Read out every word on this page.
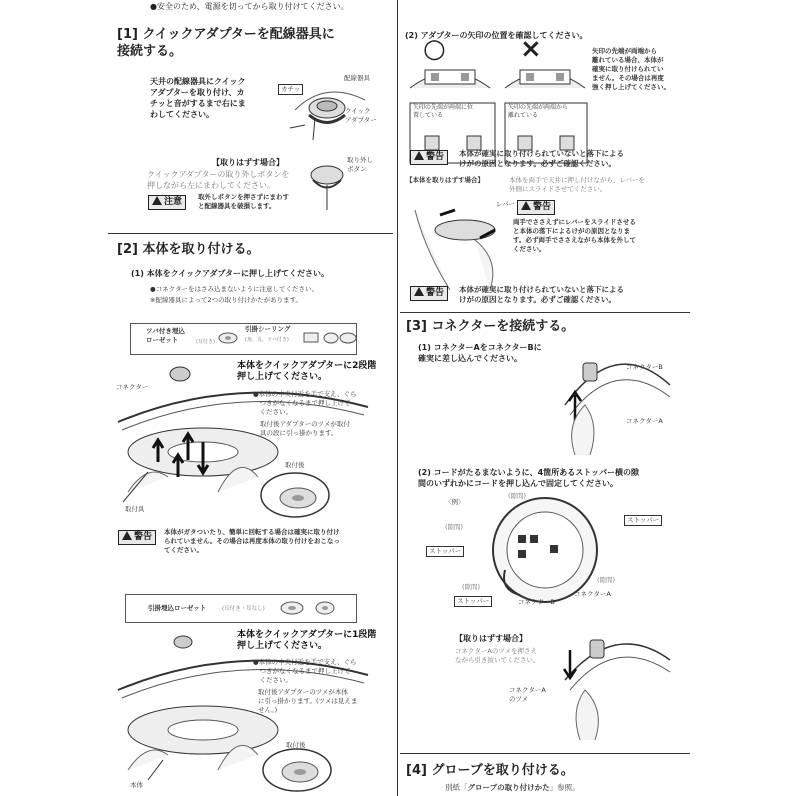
●安全のため、電源を切ってから取り付けてください。
[1] クイックアダプターを配線器具に
接続する。
天井の配線器具にクイック
アダプターを取り付け、カ
チッと音がするまで右にま
わしてください。
カチッ
配線器具
クイック
アダプター
【取りはずす場合】
クイックアダプターの取り外しボタンを
押しながら左にまわしてください。
取り外し
ボタン
注意	取外しボタンを押さずにまわす
と配線器具を破損します。
[2] 本体を取り付ける。
(1) 本体をクイックアダプターに押し上げてください。
●コネクターをはさみ込まないように注意してください。
※配線器具によって2つの取り付けかたがあります。
ツバ付き埋込
ローゼット	(耳付き)
引掛シーリング
(角、丸、ツバ付き)
コネクター
本体をクイックアダプターに2段階
押し上げてください。
●本体の中央付近を手で支え、ぐら
　つきがなくなるまで押し上げて
　ください。
取付後アダプターのツメが取付
具の段に引っ掛かります。
取付後
取付具
警告	本体がガタついたり、簡単に回転する場合は確実に取り付け
られていません。その場合は再度本体の取り付けをおこなっ
てください。
引掛埋込ローゼット	(耳付き・耳なし)
本体をクイックアダプターに1段階
押し上げてください。
●本体の中央付近を手で支え、ぐら
　つきがなくなるまで押し上げて
　ください。
取付後アダプターのツメが本体
に引っ掛かります。(ツメは見えま
せん。)
取付後
本体
(2) アダプターの矢印の位置を確認してください。
○	×
矢印の先端が両端に位
置している
矢印の先端が両端から
離れている
矢印の先端が両端から
離れている場合、本体が
確実に取り付けられてい
ません。その場合は再度
強く押し上げてください。
警告	本体が確実に取り付けられていないと落下による
けがの原因となります。必ずご確認ください。
【本体を取りはずす場合】	本体を両手で天井に押し付けながら、レバーを
外側にスライドさせてください。
レバー	警告
両手でささえずにレバーをスライドさせる
と本体の落下によるけがの原因となりま
す。必ず両手でささえながら本体を外して
ください。
警告	本体が確実に取り付けられていないと落下による
けがの原因となります。必ずご確認ください。
[3] コネクターを接続する。
(1) コネクターAをコネクターBに
確実に差し込んでください。
コネクターB
コネクターA
(2) コードがたるまないように、4箇所あるストッパー横の隙
間のいずれかにコードを押し込んで固定してください。
〈例〉
(隙間)
ストッパー
(隙間)
ストッパー
(隙間)
(隙間)
ストッパー	コネクターB
コネクターA
【取りはずす場合】
コネクターAのツメを押さえ
ながら引き抜いてください。
コネクターA
のツメ
[4] グローブを取り付ける。
別紙「グローブの取り付けかた」参照。
